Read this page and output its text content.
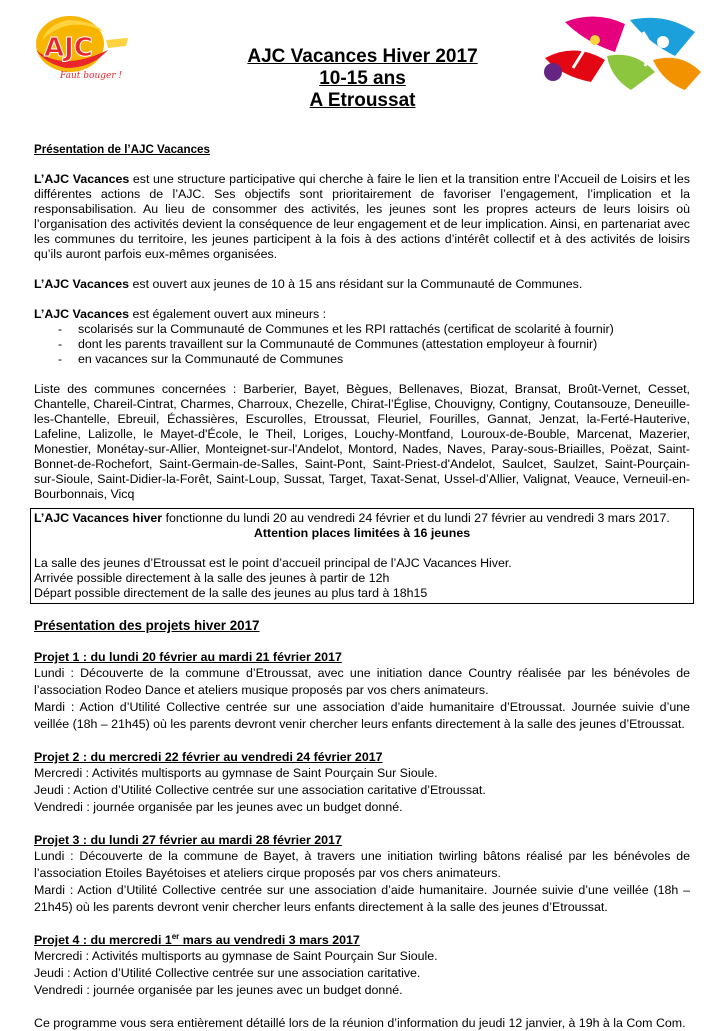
AJC
Faut bouger !
AJC Vacances Hiver 2017
10-15 ans
A Etroussat

Présentation de l’AJC Vacances

L’AJC Vacances est une structure participative qui cherche à faire le lien et la transition entre l’Accueil de Loisirs et les différentes actions de l’AJC. Ses objectifs sont prioritairement de favoriser l’engagement, l’implication et la responsabilisation. Au lieu de consommer des activités, les jeunes sont les propres acteurs de leurs loisirs où l’organisation des activités devient la conséquence de leur engagement et de leur implication. Ainsi, en partenariat avec les communes du territoire, les jeunes participent à la fois à des actions d’intérêt collectif et à des activités de loisirs qu’ils auront parfois eux-mêmes organisées.

L’AJC Vacances est ouvert aux jeunes de 10 à 15 ans résidant sur la Communauté de Communes.

L’AJC Vacances est également ouvert aux mineurs :

- scolarisés sur la Communauté de Communes et les RPI rattachés (certificat de scolarité à fournir)
- dont les parents travaillent sur la Communauté de Communes (attestation employeur à fournir)
- en vacances sur la Communauté de Communes

Liste des communes concernées : Barberier, Bayet, Bègues, Bellenaves, Biozat, Bransat, Broût-Vernet, Cesset, Chantelle, Chareil-Cintrat, Charmes, Charroux, Chezelle, Chirat-l’Église, Chouvigny, Contigny, Coutansouze, Deneuille-les-Chantelle, Ebreuil, Échassières, Escurolles, Etroussat, Fleuriel, Fourilles, Gannat, Jenzat, la-Ferté-Hauterive, Lafeline, Lalizolle, le Mayet-d'École, le Theil, Loriges, Louchy-Montfand, Louroux-de-Bouble, Marcenat, Mazerier, Monestier, Monétay-sur-Allier, Monteignet-sur-l'Andelot, Montord, Nades, Naves, Paray-sous-Briailles, Poëzat, Saint-Bonnet-de-Rochefort, Saint-Germain-de-Salles, Saint-Pont, Saint-Priest-d'Andelot, Saulcet, Saulzet, Saint-Pourçain-sur-Sioule, Saint-Didier-la-Forêt, Saint-Loup, Sussat, Target, Taxat-Senat, Ussel-d’Allier, Valignat, Veauce, Verneuil-en-Bourbonnais, Vicq

L’AJC Vacances hiver fonctionne du lundi 20 au vendredi 24 février et du lundi 27 février au vendredi 3 mars 2017.

Attention places limitées à 16 jeunes

La salle des jeunes d’Etroussat est le point d’accueil principal de l’AJC Vacances Hiver.

Arrivée possible directement à la salle des jeunes à partir de 12h

Départ possible directement de la salle des jeunes au plus tard à 18h15

Présentation des projets hiver 2017

Projet 1 : du lundi 20 février au mardi 21 février 2017

Lundi : Découverte de la commune d’Etroussat, avec une initiation dance Country réalisée par les bénévoles de l’association Rodeo Dance et ateliers musique proposés par vos chers animateurs.

Mardi : Action d’Utilité Collective centrée sur une association d’aide humanitaire d’Etroussat. Journée suivie d’une veillée (18h – 21h45) où les parents devront venir chercher leurs enfants directement à la salle des jeunes d’Etroussat.

Projet 2 : du mercredi 22 février au vendredi 24 février 2017

Mercredi : Activités multisports au gymnase de Saint Pourçain Sur Sioule.

Jeudi : Action d’Utilité Collective centrée sur une association caritative d’Etroussat.

Vendredi : journée organisée par les jeunes avec un budget donné.

Projet 3 : du lundi 27 février au mardi 28 février 2017

Lundi : Découverte de la commune de Bayet, à travers une initiation twirling bâtons réalisé par les bénévoles de l’association Etoiles Bayétoises et ateliers cirque proposés par vos chers animateurs.

Mardi : Action d’Utilité Collective centrée sur une association d’aide humanitaire. Journée suivie d’une veillée (18h – 21h45) où les parents devront venir chercher leurs enfants directement à la salle des jeunes d’Etroussat.

Projet 4 : du mercredi 1er mars au vendredi 3 mars 2017

Mercredi : Activités multisports au gymnase de Saint Pourçain Sur Sioule.

Jeudi : Action d’Utilité Collective centrée sur une association caritative.

Vendredi : journée organisée par les jeunes avec un budget donné.

Ce programme vous sera entièrement détaillé lors de la réunion d’information du jeudi 12 janvier, à 19h à la Com Com.
